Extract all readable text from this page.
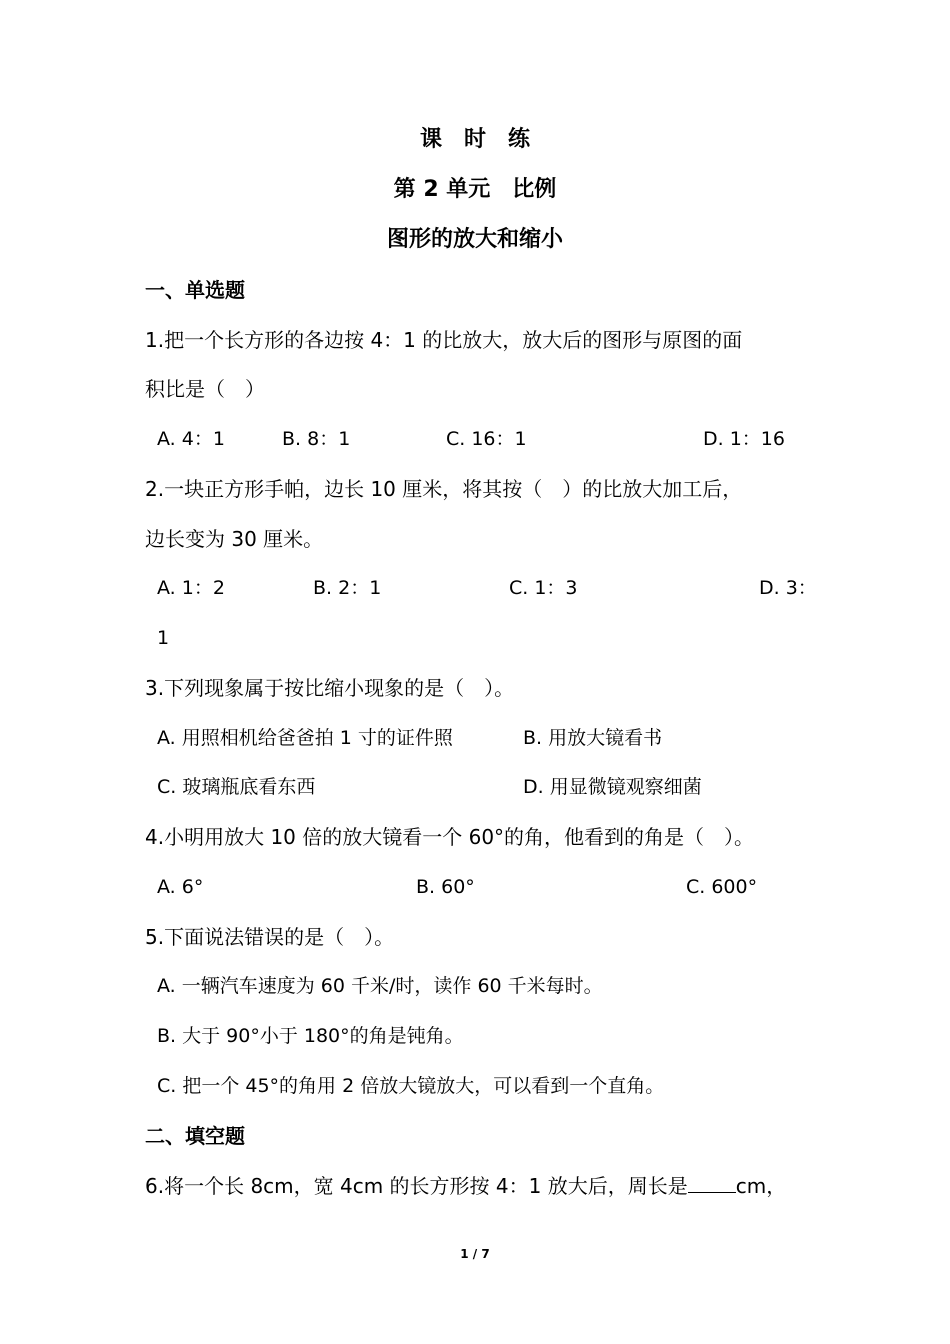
课　时　练
第 2 单元　比例
图形的放大和缩小
一、单选题
1.把一个长方形的各边按 4：1 的比放大，放大后的图形与原图的面
积比是（　）
A. 4：1	B. 8：1	C. 16：1	D. 1：16
2.一块正方形手帕，边长 10 厘米，将其按（　）的比放大加工后，
边长变为 30 厘米。
A. 1：2	B. 2：1	C. 1：3	D. 3：
1
3.下列现象属于按比缩小现象的是（　）。
A. 用照相机给爸爸拍 1 寸的证件照	B. 用放大镜看书
C. 玻璃瓶底看东西	D. 用显微镜观察细菌
4.小明用放大 10 倍的放大镜看一个 60°的角，他看到的角是（　）。
A. 6°	B. 60°	C. 600°
5.下面说法错误的是（　）。
A. 一辆汽车速度为 60 千米/时，读作 60 千米每时。
B. 大于 90°小于 180°的角是钝角。
C. 把一个 45°的角用 2 倍放大镜放大，可以看到一个直角。
二、填空题
6.将一个长 8cm，宽 4cm 的长方形按 4：1 放大后，周长是 cm，
1 / 7
